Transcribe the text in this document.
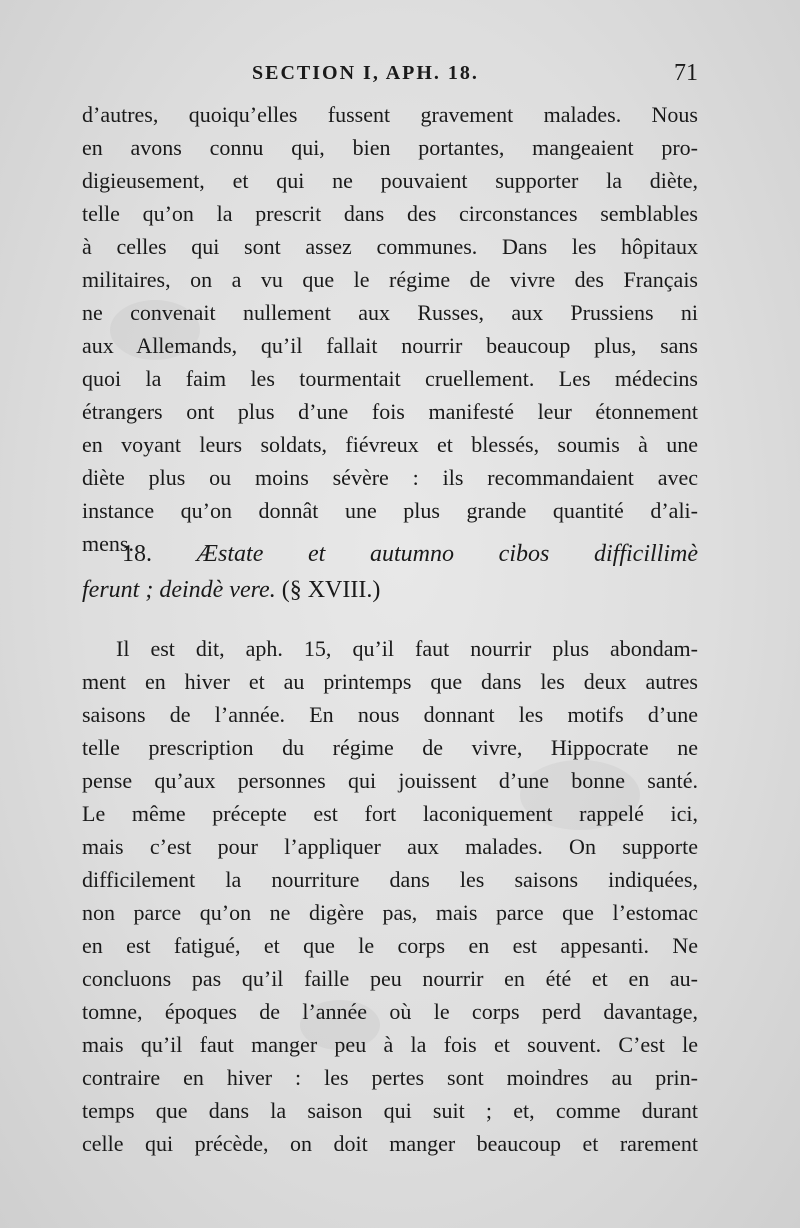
SECTION I, APH. 18.	71
d’autres, quoiqu’elles fussent gravement malades. Nous
en avons connu qui, bien portantes, mangeaient pro-
digieusement, et qui ne pouvaient supporter la diète,
telle qu’on la prescrit dans des circonstances semblables
à celles qui sont assez communes. Dans les hôpitaux
militaires, on a vu que le régime de vivre des Français
ne convenait nullement aux Russes, aux Prussiens ni
aux Allemands, qu’il fallait nourrir beaucoup plus, sans
quoi la faim les tourmentait cruellement. Les médecins
étrangers ont plus d’une fois manifesté leur étonnement
en voyant leurs soldats, fiévreux et blessés, soumis à une
diète plus ou moins sévère : ils recommandaient avec
instance qu’on donnât une plus grande quantité d’ali-
mens.
18. Æstate et autumno cibos difficillimè
ferunt ; deindè vere. (§ XVIII.)
Il est dit, aph. 15, qu’il faut nourrir plus abondam-
ment en hiver et au printemps que dans les deux autres
saisons de l’année. En nous donnant les motifs d’une
telle prescription du régime de vivre, Hippocrate ne
pense qu’aux personnes qui jouissent d’une bonne santé.
Le même précepte est fort laconiquement rappelé ici,
mais c’est pour l’appliquer aux malades. On supporte
difficilement la nourriture dans les saisons indiquées,
non parce qu’on ne digère pas, mais parce que l’estomac
en est fatigué, et que le corps en est appesanti. Ne
concluons pas qu’il faille peu nourrir en été et en au-
tomne, époques de l’année où le corps perd davantage,
mais qu’il faut manger peu à la fois et souvent. C’est le
contraire en hiver : les pertes sont moindres au prin-
temps que dans la saison qui suit ; et, comme durant
celle qui précède, on doit manger beaucoup et rarement
